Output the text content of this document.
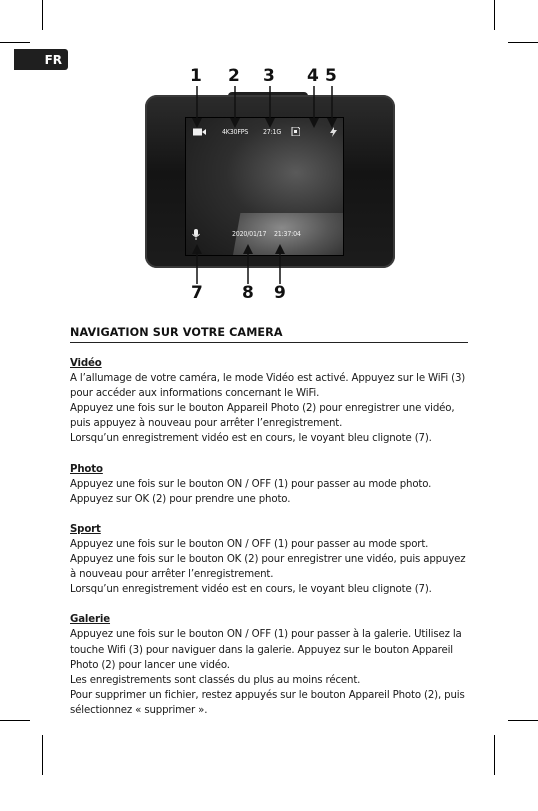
FR
1 2 3 4 5
4K30FPS 27:1G
2020/01/17 21:37:04
7 8 9
NAVIGATION SUR VOTRE CAMERA
Vidéo

A l’allumage de votre caméra, le mode Vidéo est activé. Appuyez sur le WiFi (3)

pour accéder aux informations concernant le WiFi.

Appuyez une fois sur le bouton Appareil Photo (2) pour enregistrer une vidéo,

puis appuyez à nouveau pour arrêter l’enregistrement.

Lorsqu’un enregistrement vidéo est en cours, le voyant bleu clignote (7).

Photo

Appuyez une fois sur le bouton ON / OFF (1) pour passer au mode photo.

Appuyez sur OK (2) pour prendre une photo.

Sport

Appuyez une fois sur le bouton ON / OFF (1) pour passer au mode sport.

Appuyez une fois sur le bouton OK (2) pour enregistrer une vidéo, puis appuyez

à nouveau pour arrêter l’enregistrement.

Lorsqu’un enregistrement vidéo est en cours, le voyant bleu clignote (7).

Galerie

Appuyez une fois sur le bouton ON / OFF (1) pour passer à la galerie. Utilisez la

touche Wifi (3) pour naviguer dans la galerie. Appuyez sur le bouton Appareil

Photo (2) pour lancer une vidéo.

Les enregistrements sont classés du plus au moins récent.

Pour supprimer un fichier, restez appuyés sur le bouton Appareil Photo (2), puis

sélectionnez « supprimer ».
